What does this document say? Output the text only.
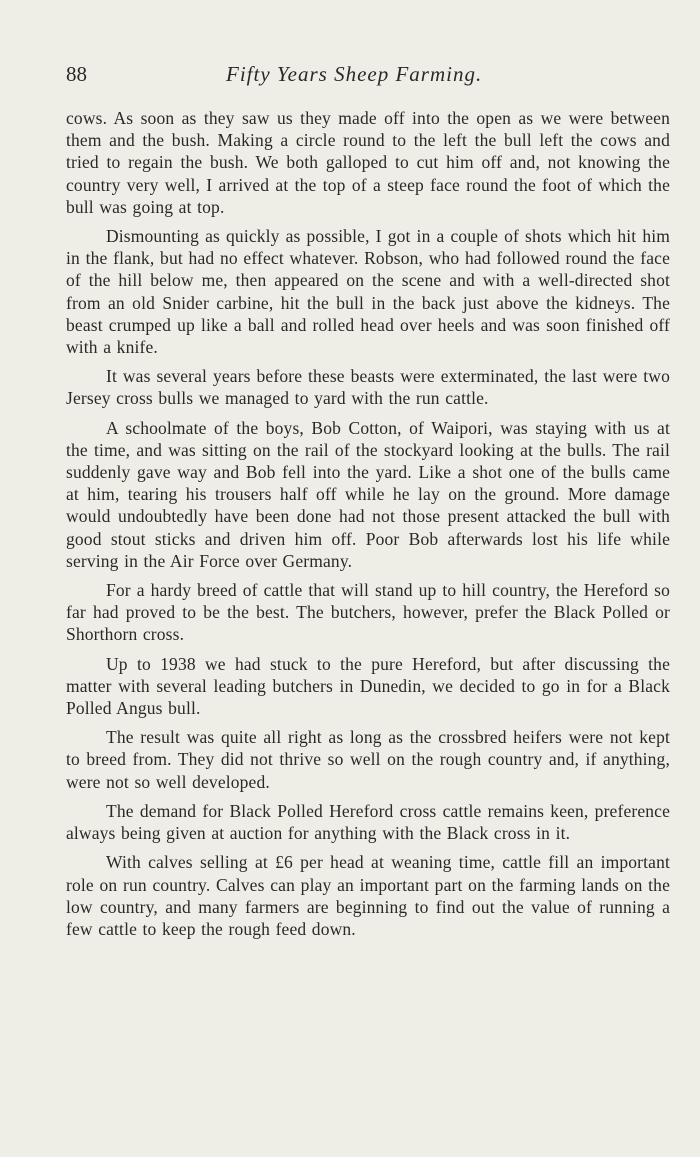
88	Fifty Years Sheep Farming.

cows. As soon as they saw us they made off into the open as we were between them and the bush. Making a circle round to the left the bull left the cows and tried to regain the bush. We both galloped to cut him off and, not knowing the country very well, I arrived at the top of a steep face round the foot of which the bull was going at top.

Dismounting as quickly as possible, I got in a couple of shots which hit him in the flank, but had no effect whatever. Robson, who had followed round the face of the hill below me, then appeared on the scene and with a well-directed shot from an old Snider carbine, hit the bull in the back just above the kidneys. The beast crumped up like a ball and rolled head over heels and was soon finished off with a knife.

It was several years before these beasts were exterminated, the last were two Jersey cross bulls we managed to yard with the run cattle.

A schoolmate of the boys, Bob Cotton, of Waipori, was staying with us at the time, and was sitting on the rail of the stockyard looking at the bulls. The rail suddenly gave way and Bob fell into the yard. Like a shot one of the bulls came at him, tearing his trousers half off while he lay on the ground. More damage would undoubtedly have been done had not those present attacked the bull with good stout sticks and driven him off. Poor Bob afterwards lost his life while serving in the Air Force over Germany.

For a hardy breed of cattle that will stand up to hill country, the Hereford so far had proved to be the best. The butchers, however, prefer the Black Polled or Shorthorn cross.

Up to 1938 we had stuck to the pure Hereford, but after discussing the matter with several leading butchers in Dunedin, we decided to go in for a Black Polled Angus bull.

The result was quite all right as long as the crossbred heifers were not kept to breed from. They did not thrive so well on the rough country and, if anything, were not so well developed.

The demand for Black Polled Hereford cross cattle remains keen, preference always being given at auction for anything with the Black cross in it.

With calves selling at £6 per head at weaning time, cattle fill an important role on run country. Calves can play an important part on the farming lands on the low country, and many farmers are beginning to find out the value of running a few cattle to keep the rough feed down.
